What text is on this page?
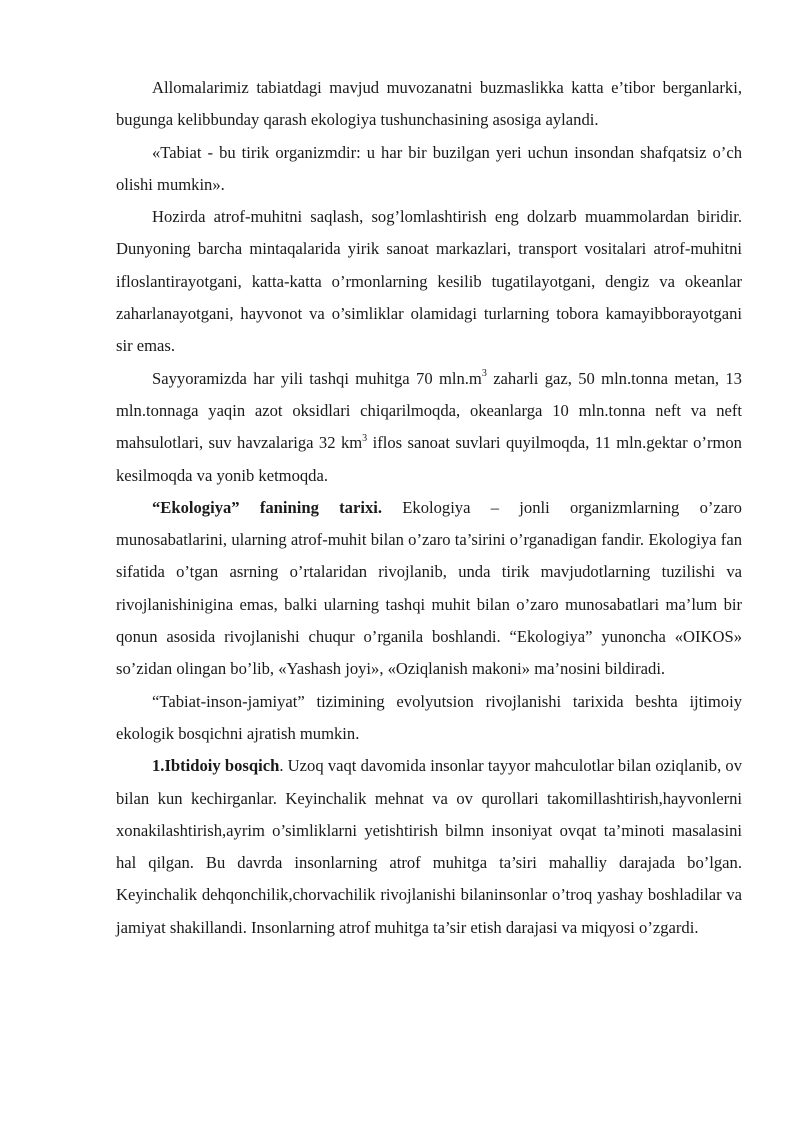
Allomalarimiz tabiatdagi mavjud muvozanatni buzmaslikka katta e’tibor berganlarki, bugunga kelibbunday qarash ekologiya tushunchasining asosiga aylandi.

«Tabiat - bu tirik organizmdir: u har bir buzilgan yeri uchun insondan shafqatsiz o’ch olishi mumkin».

Hozirda atrof-muhitni saqlash, sog’lomlashtirish eng dolzarb muammolardan biridir. Dunyoning barcha mintaqalarida yirik sanoat markazlari, transport vositalari atrof-muhitni ifloslantirayotgani, katta-katta o’rmonlarning kesilib tugatilayotgani, dengiz va okeanlar zaharlanayotgani, hayvonot va o’simliklar olamidagi turlarning tobora kamayibborayotgani sir emas.

Sayyoramizda har yili tashqi muhitga 70 $mln.m^3$ zaharli gaz, 50 mln.tonna metan, 13 mln.tonnaga yaqin azot oksidlari chiqarilmoqda, okeanlarga 10 mln.tonna neft va neft mahsulotlari, suv havzalariga 32 $km^3$ iflos sanoat suvlari quyilmoqda, 11 mln.gektar o’rmon kesilmoqda va yonib ketmoqda.

“Ekologiya” fanining tarixi. Ekologiya – jonli organizmlarning o’zaro munosabatlarini, ularning atrof-muhit bilan o’zaro ta’sirini o’rganadigan fandir. Ekologiya fan sifatida o’tgan asrning o’rtalaridan rivojlanib, unda tirik mavjudotlarning tuzilishi va rivojlanishinigina emas, balki ularning tashqi muhit bilan o’zaro munosabatlari ma’lum bir qonun asosida rivojlanishi chuqur o’rganila boshlandi. “Ekologiya” yunoncha «OIKOS» so’zidan olingan bo’lib, «Yashash joyi», «Oziqlanish makoni» ma’nosini bildiradi.

“Tabiat-inson-jamiyat” tizimining evolyutsion rivojlanishi tarixida beshta ijtimoiy ekologik bosqichni ajratish mumkin.

1.Ibtidoiy bosqich. Uzoq vaqt davomida insonlar tayyor mahculotlar bilan oziqlanib, ov bilan kun kechirganlar. Keyinchalik mehnat va ov qurollari takomillashtirish,hayvonlerni xonakilashtirish,ayrim o’simliklarni yetishtirish bilmn insoniyat ovqat ta’minoti masalasini hal qilgan. Bu davrda insonlarning atrof muhitga ta’siri mahalliy darajada bo’lgan. Keyinchalik dehqonchilik,chorvachilik rivojlanishi bilaninsonlar o’troq yashay boshladilar va jamiyat shakillandi. Insonlarning atrof muhitga ta’sir etish darajasi va miqyosi o’zgardi.
